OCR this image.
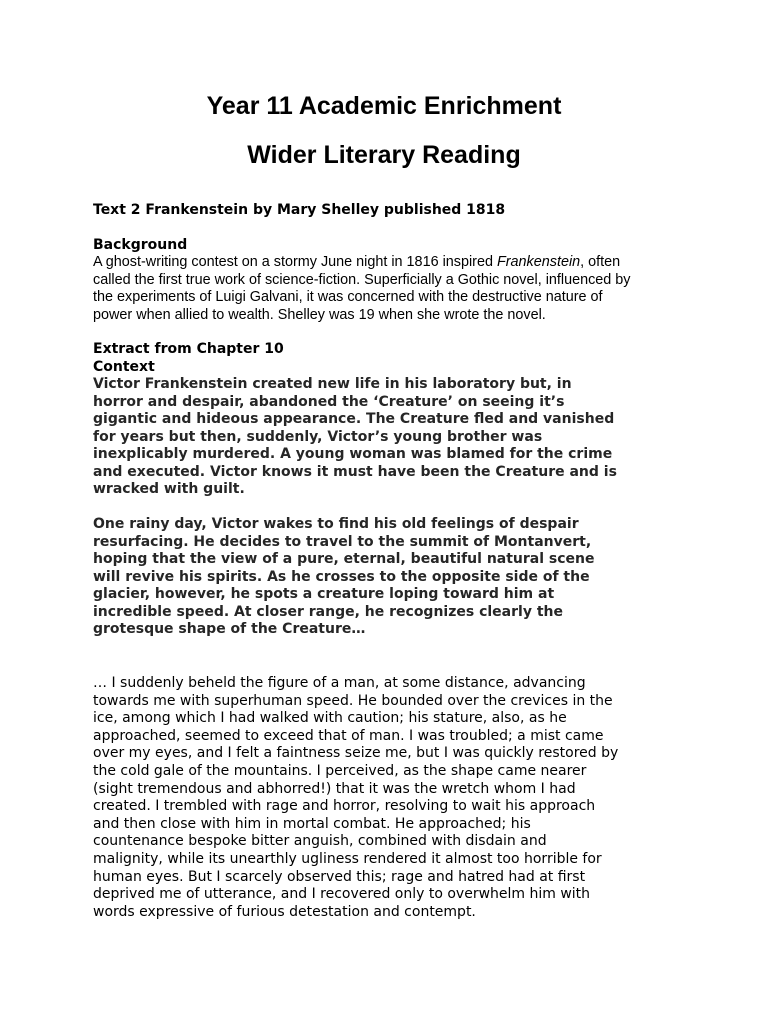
Year 11 Academic Enrichment
Wider Literary Reading
Text 2 Frankenstein by Mary Shelley published 1818
Background
A ghost-writing contest on a stormy June night in 1816 inspired Frankenstein, often
called the first true work of science-fiction. Superficially a Gothic novel, influenced by
the experiments of Luigi Galvani, it was concerned with the destructive nature of
power when allied to wealth. Shelley was 19 when she wrote the novel.
Extract from Chapter 10
Context
Victor Frankenstein created new life in his laboratory but, in
horror and despair, abandoned the ‘Creature’ on seeing it’s
gigantic and hideous appearance. The Creature fled and vanished
for years but then, suddenly, Victor’s young brother was
inexplicably murdered. A young woman was blamed for the crime
and executed. Victor knows it must have been the Creature and is
wracked with guilt.
One rainy day, Victor wakes to find his old feelings of despair
resurfacing. He decides to travel to the summit of Montanvert,
hoping that the view of a pure, eternal, beautiful natural scene
will revive his spirits. As he crosses to the opposite side of the
glacier, however, he spots a creature loping toward him at
incredible speed. At closer range, he recognizes clearly the
grotesque shape of the Creature…
… I suddenly beheld the figure of a man, at some distance, advancing
towards me with superhuman speed. He bounded over the crevices in the
ice, among which I had walked with caution; his stature, also, as he
approached, seemed to exceed that of man. I was troubled; a mist came
over my eyes, and I felt a faintness seize me, but I was quickly restored by
the cold gale of the mountains. I perceived, as the shape came nearer
(sight tremendous and abhorred!) that it was the wretch whom I had
created. I trembled with rage and horror, resolving to wait his approach
and then close with him in mortal combat. He approached; his
countenance bespoke bitter anguish, combined with disdain and
malignity, while its unearthly ugliness rendered it almost too horrible for
human eyes. But I scarcely observed this; rage and hatred had at first
deprived me of utterance, and I recovered only to overwhelm him with
words expressive of furious detestation and contempt.
